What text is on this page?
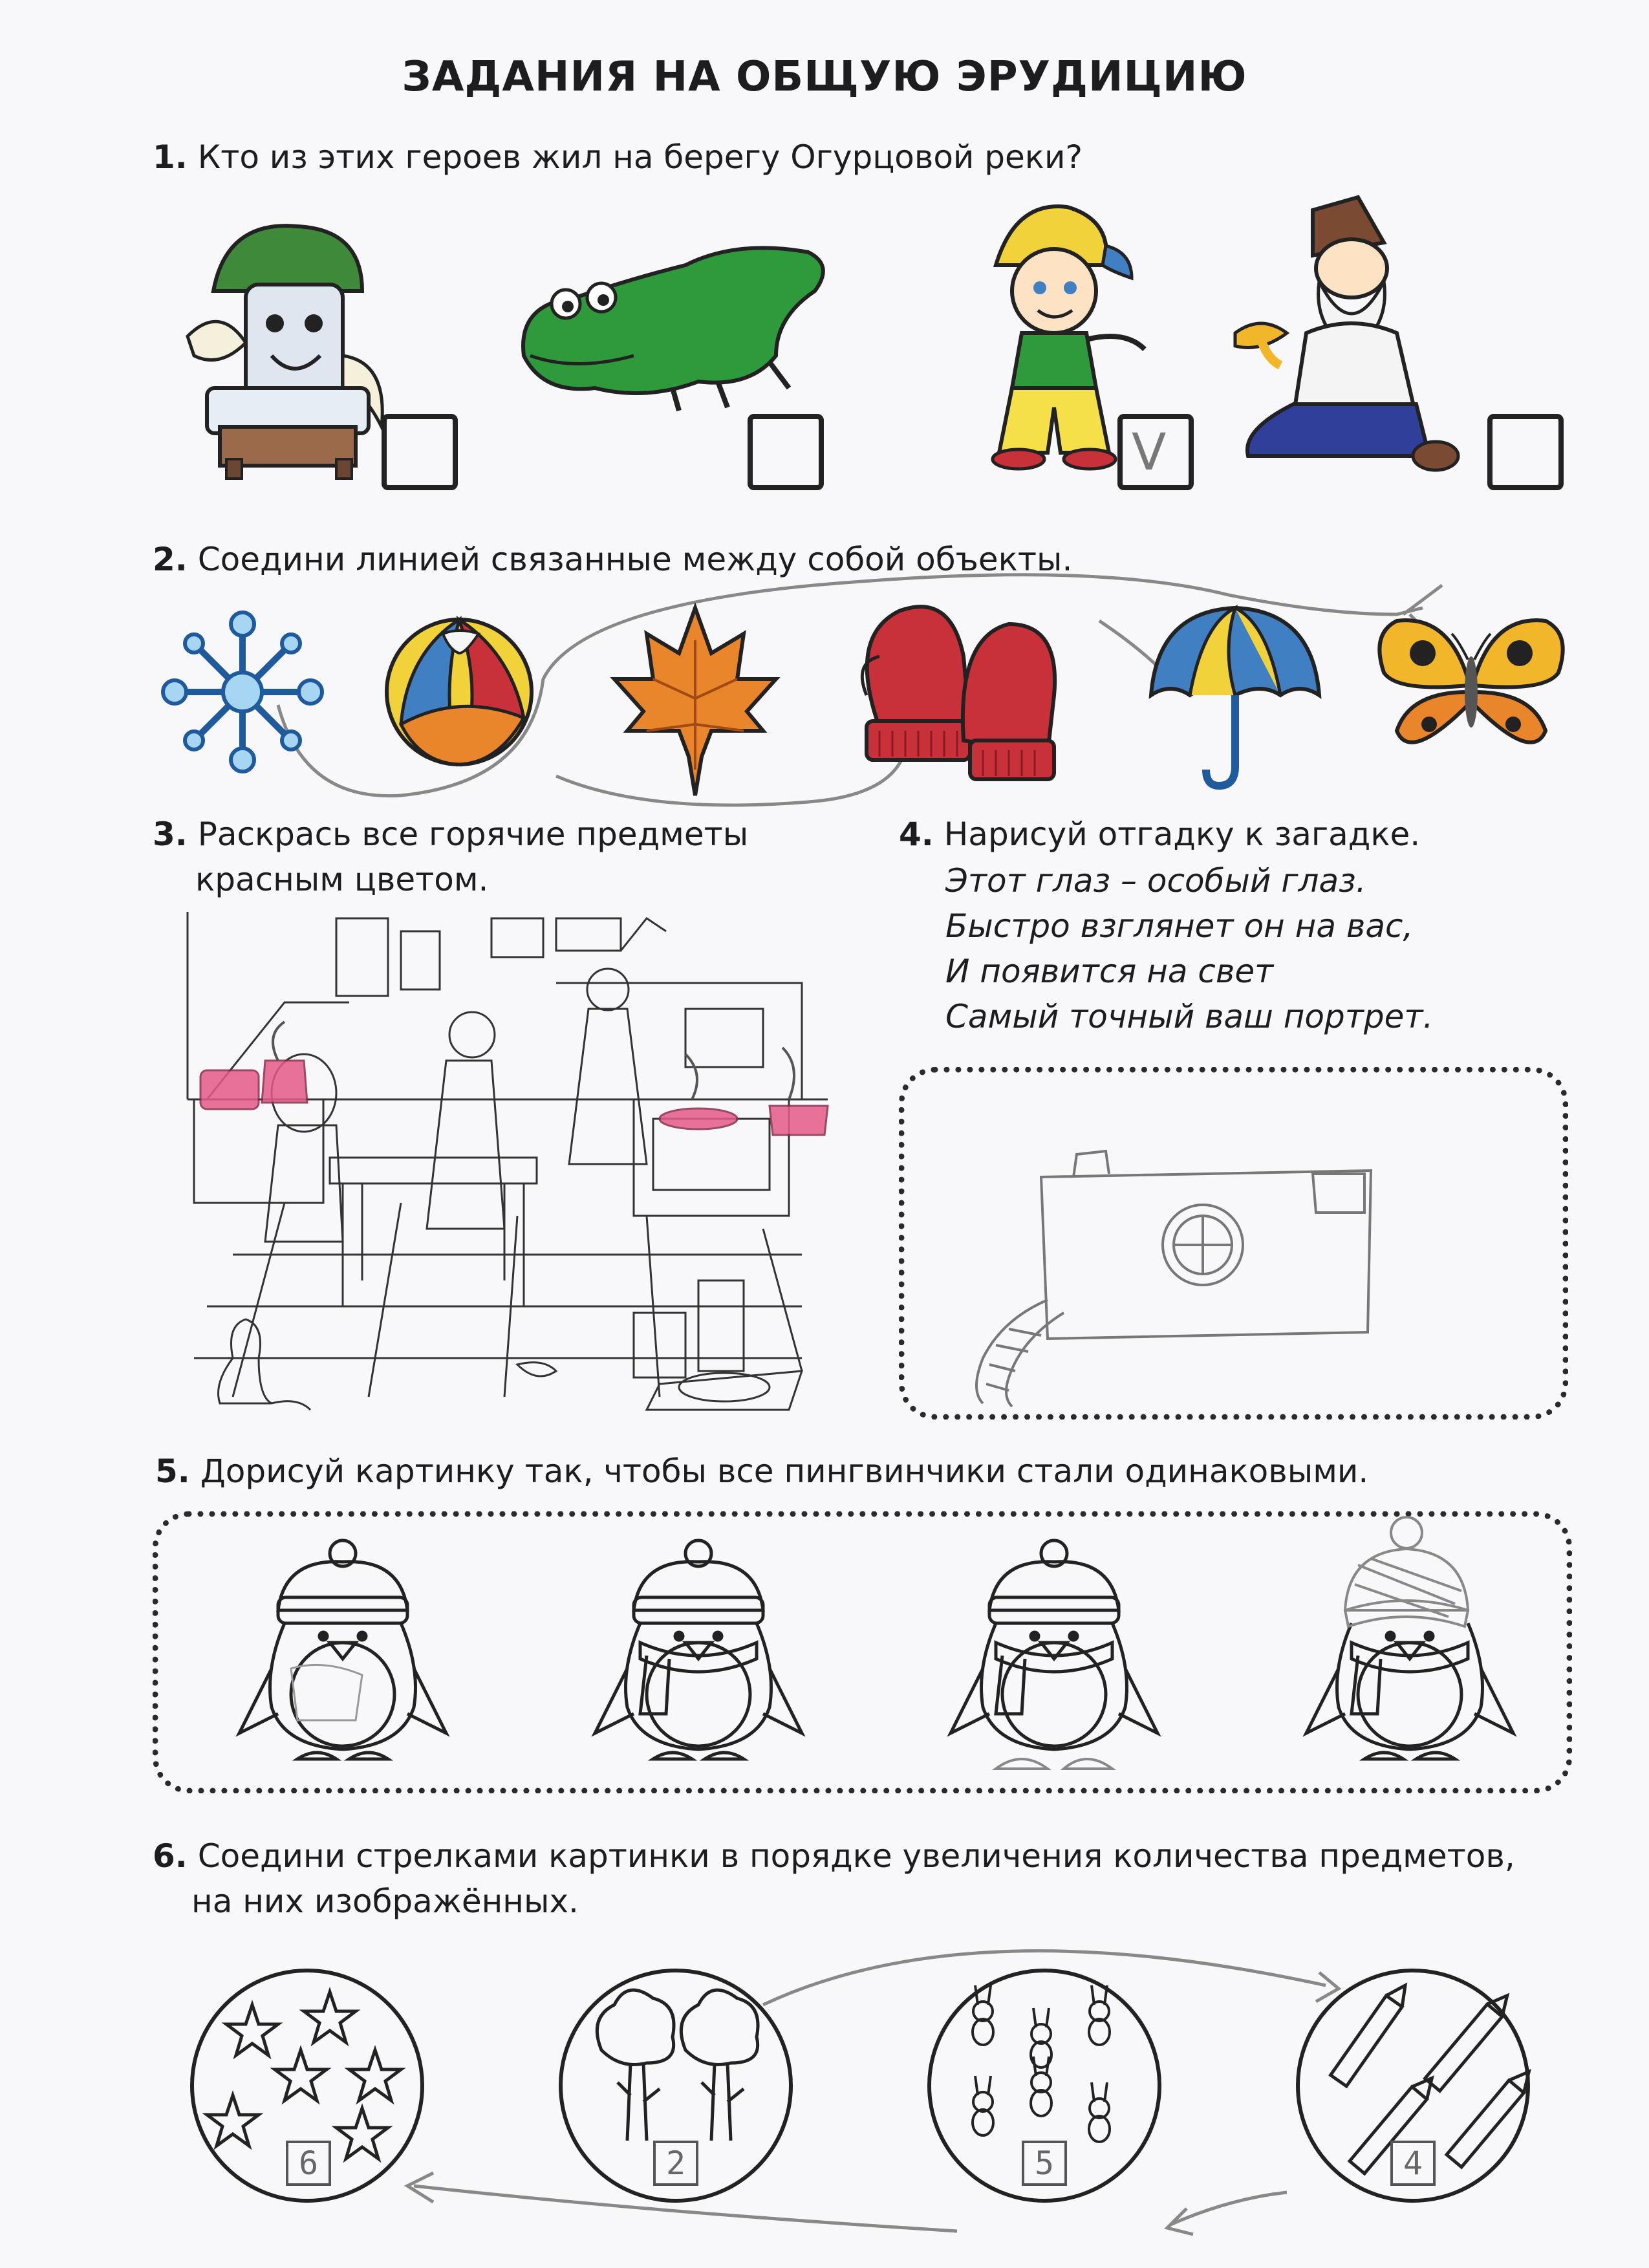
ЗАДАНИЯ НА ОБЩУЮ ЭРУДИЦИЮ
1. Кто из этих героев жил на берегу Огурцовой реки?
V
2. Соедини линией связанные между собой объекты.
3. Раскрась все горячие предметы
красным цветом.
4. Нарисуй отгадку к загадке.
Этот глаз – особый глаз.
Быстро взглянет он на вас,
И появится на свет
Самый точный ваш портрет.
5. Дорисуй картинку так, чтобы все пингвинчики стали одинаковыми.
6. Соедини стрелками картинки в порядке увеличения количества предметов,
на них изображённых.
6	2	5	4
